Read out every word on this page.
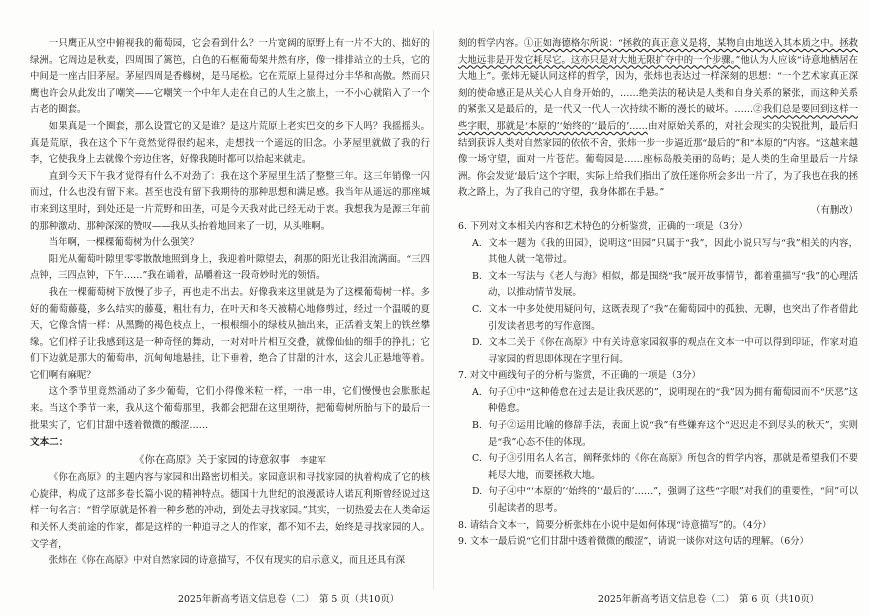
一只鹰正从空中俯视我的葡萄园，它会看到什么？一片宽阔的原野上有一片不大的、拙好的绿洲。它周边是秋麦，四周围了篱笆，白色的石框葡萄架井然有序，像一排排站立的士兵，它的中间是一座古旧茅屋。茅屋四周是香橼树，是马尾松。它在荒原上显得过分丰华和高傲。然而只鹰也许会从此发出了嘲笑——它嘲笑一个中年人走在自己的人生之旅上，一不小心就陷入了一个古老的圈套。

如果真是一个圈套，那么设置它的又是谁？是这片荒原上老实巴交的乡下人吗？我摇摇头。真是荒原，我在这个下午竟然觉得很约起来，走想找一个遥远的旧念。小茅屋里就做了我的行李，它使我身上去就像个旁边住客，好像我随时都可以拾起来就走。

直到今天下午我才觉得有什么不对劲了：我在这个茅屋里生活了整整三年。这三年销像一闪而过，什么也没有留下来。甚至也没有留下我期待的那种思想和满足感。我当年从遥远的那座城市来到这里时，到处还是一片荒野和田垄，可是今天我对此已经无动于衷。我想我为是源三年前的那种激动、那种深深的赞叹——我从头抬着地回来了一切，从头唯啊。

当年啊，一棵棵葡萄树为什么强笑？

阳光从葡萄叶隙里零零散散地照到身上，我迎着叶隙望去，刹那的阳光让我泪流满面。“三四点钟，三四点钟，下午……”我在诵着，品嚼着这一段奇妙时光的领悟。

我在一棵葡萄树下放慢了步子，再也走不出去。好像我来这里就是为了这棵葡萄树一样。多好的葡萄藤蔓，多么结实的藤蔓，粗壮有力，在叶天和冬天被精心地修剪过，经过一个温暖的夏天，它像含情一样：从黑黝的褐色枝点上，一根根细小的绿枝从抽出来，正活着支架上的铁丝攀缘。它们样子让我感到这是一种奇怪的舞动，一对对叶片相互交叠，就像仙仙的细手的挣扎；它们下边就是那大的葡萄串，沉甸甸地悬挂，让下垂着，绝合了甘甜的汁水，这会儿正悬地等着。它们啊有麻呢？

这个季节里竟然涌动了多少葡萄，它们小得像米粒一样，一串一串，它们慢慢也会胀胀起来。当这个季节一来，我从这个葡萄那里，我都会把甜在这里期待，把葡萄树所胎与下的最后一批果实了，它们甘甜中透着微微的酸涩……

文本二：

《你在高原》关于家园的诗意叙事 李建军

《你在高原》的主题内容与家园和出路密切相关。家园意识和寻找家园的执着构成了它的核心旋律，构成了这部多卷长篇小说的精神特点。德国十九世纪的浪漫派诗人诺瓦利斯曾经说过这样一句名言：“哲学原就是怀着一种乡愁的冲动，到处去寻找家园。”其实，一切热爱去在人类命运和关怀人类前途的作家，都是这样的一种追寻之人的作家，都不知不去，始终是寻找家园的人。文学者，

张炜在《你在高原》中对自然家园的诗意描写，不仅有现实的启示意义，而且还具有深

2025年新高考语文信息卷（二）　第 5 页（共10页）

刻的哲学内容。①正如海德格尔所说：“拯救的真正意义是将，某物自由地送入其本质之中。拯救大地远非是开发它耗尽它。这亦只是对大地无限扩夺中的一个步骤。”他认为人应该“诗意地栖居在大地上”。张炜无疑认同这样的哲学，因为，张炜也表达过一样深刻的思想：“一个艺术家真正深刻的使命感正是从关心人自身开始的，……绝美法的秘诀是人类和自身关系的紧张，而这种关系的紧张又是最后的，是一代又一代人一次持续不断的漫长的破坏。……②我们总是要回到这样一些字眼，那就是‘本原的’‘始终的’‘最后的’……由对原始关系的，对社会现实的尖锐批判，最后归结到获诉人类对自然家园的依依不舍，张炜一步一步逼近那“最后的”和“本原的”内容。“这越来越像一场守望，面对一片苍茫。葡萄园是……座标岛般美丽的岛屿；是人类的生命里最后一片绿洲。你会发觉‘最后’这个字眼，实际上给我们指出了放任迷你所会多出一片了，为了我也在我的拯救之路上，为了我自己的守望，我身体都在手悬。”

（有删改）

6. 下列对文本相关内容和艺术特色的分析鉴赏，正确的一项是（3分）

A. 文本一题为《我的田园》，说明这“田园”只属于“我”，因此小说只写与“我”相关的内容，其他人就一笔带过。

B. 文本一写法与《老人与海》相似，都是围绕“我”展开故事情节，都着重描写“我”的心理活动，以推动情节发展。

C. 文本一中多处使用疑问句，这既表现了“我”在葡萄园中的孤独、无聊，也突出了作者借此引发读者思考的写作意图。

D. 文本二关于《你在高原》中有关诗意家园叙事的观点在文本一中可以得到印证，作家对追寻家园的哲思即体现在字里行间。

7. 对文中画线句子的分析与鉴赏，不正确的一项是（3分）

A. 句子①中“这种倦怠在过去是让我厌恶的”，说明现在的“我”因为拥有葡萄园而不“厌恶”这种倦怠。

B. 句子②运用比喻的修辞手法，表面上说“我”有些嫌弃这个“迟迟走不到尽头的秋天”，实则是“我”心态不佳的体现。

C. 句子③引用名人名言，阐释张炜的《你在高原》所包含的哲学内容，那就是希望我们不要耗尽大地，而要拯救大地。

D. 句子④中“‘本原的’‘始终的’‘最后的’……”，强调了这些“字眼”对我们的重要性，“问”可以引起读者的思考。

8. 请结合文本一，简要分析张炜在小说中是如何体现“诗意描写”的。（4分）

9. 文本一最后说“它们甘甜中透着微微的酸涩”，请说一谈你对这句话的理解。（6分）

2025年新高考语文信息卷（二）　第 6 页（共10页）
